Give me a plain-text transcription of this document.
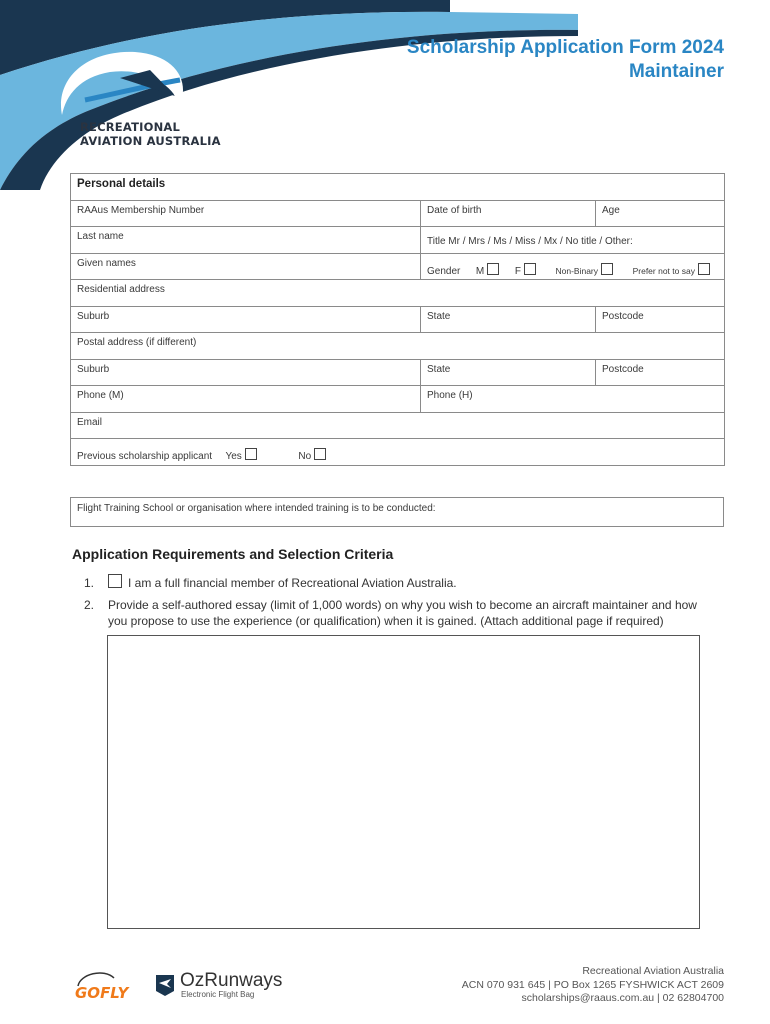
RECREATIONAL
AVIATION AUSTRALIA
Scholarship Application Form 2024
Maintainer
Personal details		
RAAus Membership Number	Date of birth	Age
Last name	Title Mr / Mrs / Ms / Miss / Mx / No title / Other:	
Given names	Gender M F Non-Binary Prefer not to say	
Residential address		
Suburb	State	Postcode
Postal address (if different)		
Suburb	State	Postcode
Phone (M)	Phone (H)	
Email		
Previous scholarship applicant Yes No		
Flight Training School or organisation where intended training is to be conducted:
Application Requirements and Selection Criteria
1.	I am a full financial member of Recreational Aviation Australia.
2. Provide a self-authored essay (limit of 1,000 words) on why you wish to become an aircraft maintainer and how
you propose to use the experience (or qualification) when it is gained. (Attach additional page if required)
GOFLY
OzRunways
Electronic Flight Bag
Recreational Aviation Australia
ACN 070 931 645 | PO Box 1265 FYSHWICK ACT 2609
scholarships@raaus.com.au | 02 62804700
